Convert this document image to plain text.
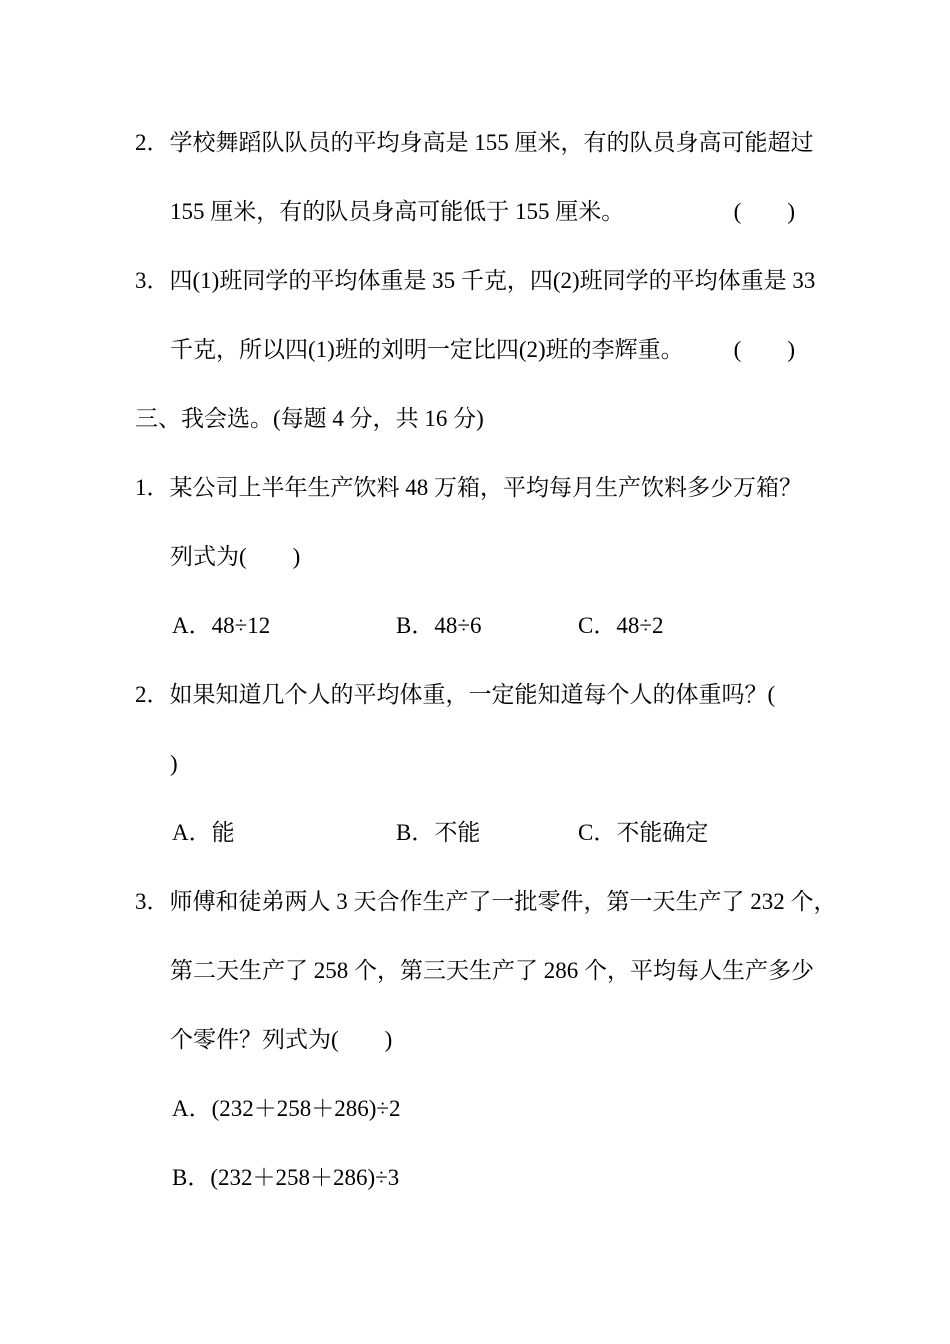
2．学校舞蹈队队员的平均身高是 155 厘米，有的队员身高可能超过
155 厘米，有的队员身高可能低于 155 厘米。	(　　)
3．四(1)班同学的平均体重是 35 千克，四(2)班同学的平均体重是 33
千克，所以四(1)班的刘明一定比四(2)班的李辉重。 (　　)
三、我会选。(每题 4 分，共 16 分)
1．某公司上半年生产饮料 48 万箱，平均每月生产饮料多少万箱？
列式为(　　)
A．48÷12	B．48÷6	C．48÷2
2．如果知道几个人的平均体重，一定能知道每个人的体重吗？(
)
A．能	B．不能	C．不能确定
3．师傅和徒弟两人 3 天合作生产了一批零件，第一天生产了 232 个，
第二天生产了 258 个，第三天生产了 286 个，平均每人生产多少
个零件？列式为(　　)
A．(232＋258＋286)÷2
B．(232＋258＋286)÷3
